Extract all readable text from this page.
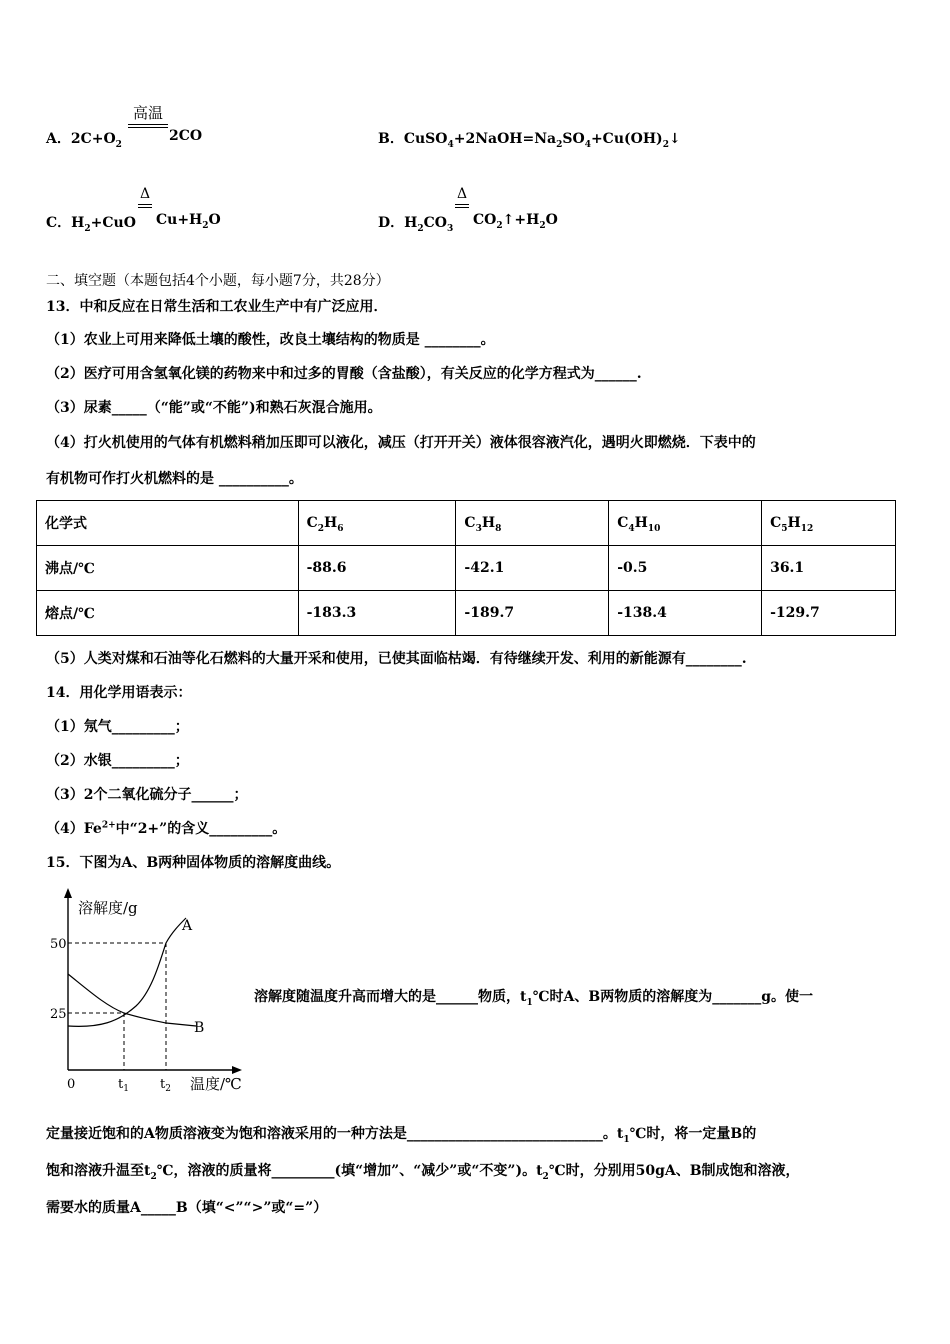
A．$2C+O_2$
高温
2CO	B．$CuSO_4+2NaOH=Na_2SO_4+Cu(OH)_2↓$
C．$H_2+CuO$
Δ
$Cu+H_2O$	D．$H_2CO_3$
Δ
$CO_2↑+H_2O$
二、填空题（本题包括4个小题，每小题7分，共28分）
13．中和反应在日常生活和工农业生产中有广泛应用．
（1）农业上可用来降低土壤的酸性，改良土壤结构的物质是 ________。
（2）医疗可用含氢氧化镁的药物来中和过多的胃酸（含盐酸），有关反应的化学方程式为______.
（3）尿素_____（“能”或“不能”)和熟石灰混合施用。
（4）打火机使用的气体有机燃料稍加压即可以液化，减压（打开开关）液体很容液汽化，遇明火即燃烧．下表中的
有机物可作打火机燃料的是 __________。
化学式	$C_2H_6$	$C_3H_8$	$C_4H_{10}$	$C_5H_{12}$
沸点/℃	-88.6	-42.1	-0.5	36.1
熔点/℃	-183.3	-189.7	-138.4	-129.7
（5）人类对煤和石油等化石燃料的大量开采和使用，已使其面临枯竭．有待继续开发、利用的新能源有________.
14．用化学用语表示：
（1）氖气_________；
（2）水银_________；
（3）2个二氧化硫分子______；
$(4)Fe^{2+}$中“2+”的含义_________。
15．下图为A、B两种固体物质的溶解度曲线。
溶解度/g
温度/℃
0
50
25
$t_1$ $t_2$
A
B
溶解度随温度升高而增大的是______物质，$t_1℃$时A、B两物质的溶解度为_______g。使一
定量接近饱和的A物质溶液变为饱和溶液采用的一种方法是____________________________。$t_1℃$时，将一定量B的
饱和溶液升温至$t_2℃$，溶液的质量将_________(填“增加”、“减少”或“不变”)。$t_2℃$时，分别用50gA、B制成饱和溶液，
需要水的质量A_____B（填“<”“>”或“=”）
